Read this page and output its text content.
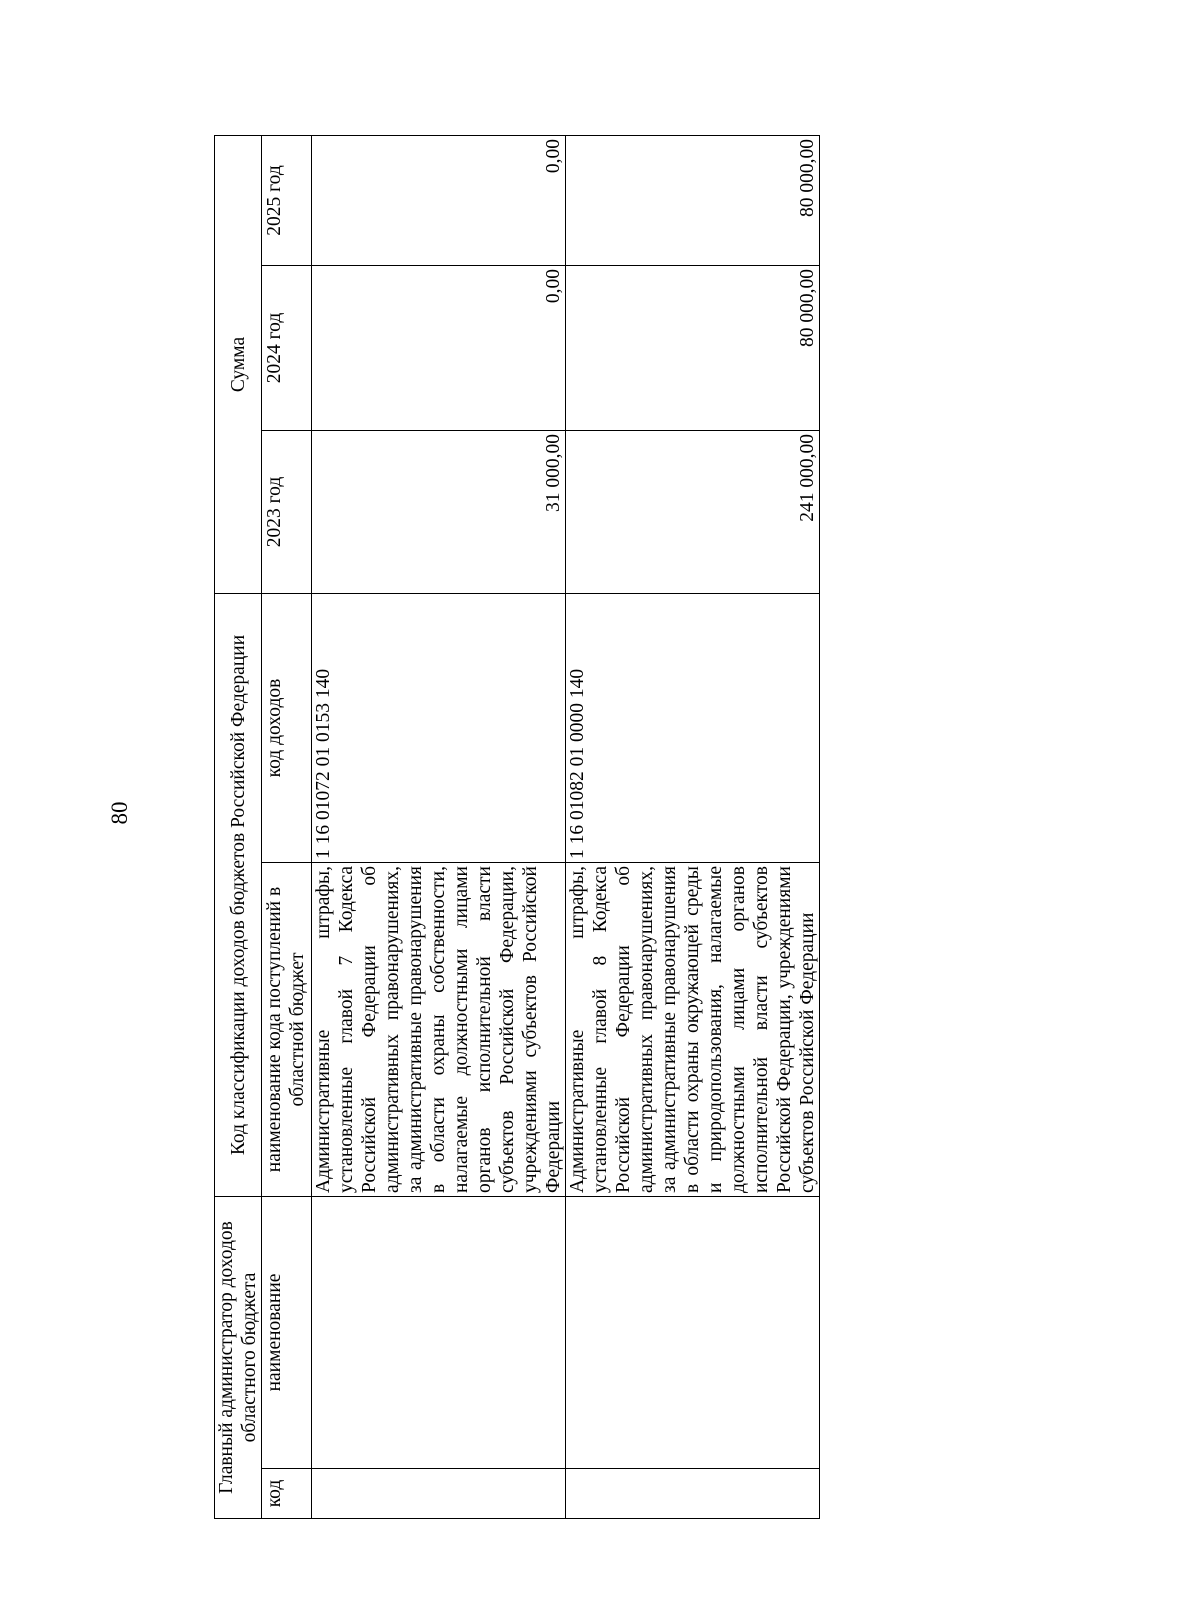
80
Главный администратор доходов областного бюджета		Код классификации доходов бюджетов Российской Федерации		Сумма		
код	наименование	наименование кода поступлений в областной бюджет	код доходов	2023 год	2024 год	2025 год

		Административные штрафы, установленные главой 7 Кодекса Российской Федерации об административных правонарушениях, за административные правонарушения в области охраны собственности, налагаемые должностными лицами органов исполнительной власти субъектов Российской Федерации, учреждениями субъектов Российской Федерации	1 16 01072 01 0153 140	31 000,00	0,00	0,00

		Административные штрафы, установленные главой 8 Кодекса Российской Федерации об административных правонарушениях, за административные правонарушения в области охраны окружающей среды и природопользования, налагаемые должностными лицами органов исполнительной власти субъектов Российской Федерации, учреждениями субъектов Российской Федерации	1 16 01082 01 0000 140	241 000,00	80 000,00	80 000,00
